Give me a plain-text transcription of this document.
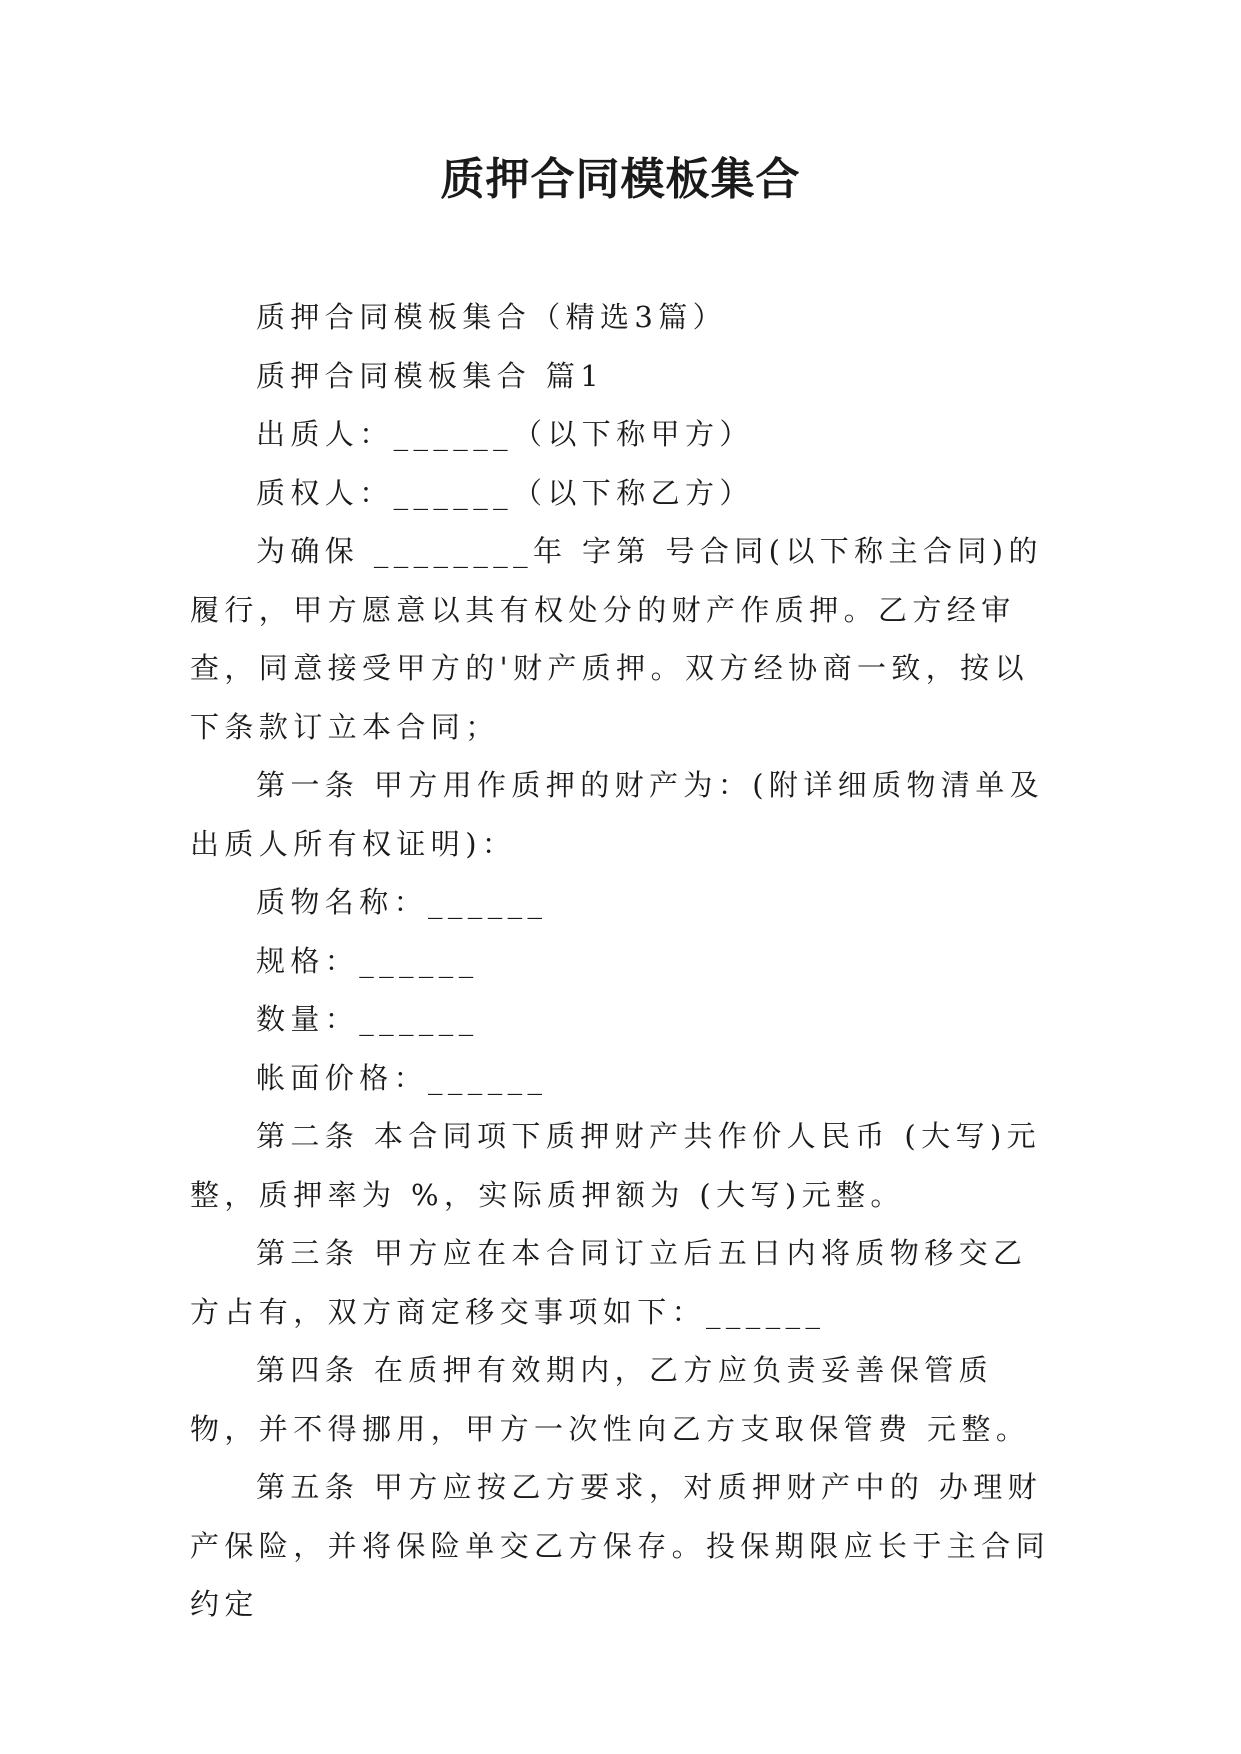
质押合同模板集合

质押合同模板集合（精选3篇）

质押合同模板集合 篇1

出质人：______（以下称甲方）

质权人：______（以下称乙方）

为确保 ________年 字第 号合同(以下称主合同)的履行，甲方愿意以其有权处分的财产作质押。乙方经审查，同意接受甲方的'财产质押。双方经协商一致，按以下条款订立本合同；

第一条 甲方用作质押的财产为：(附详细质物清单及出质人所有权证明)：

质物名称：______

规格：______

数量：______

帐面价格：______

第二条 本合同项下质押财产共作价人民币 (大写)元整，质押率为 %，实际质押额为 (大写)元整。

第三条 甲方应在本合同订立后五日内将质物移交乙方占有，双方商定移交事项如下：______

第四条 在质押有效期内，乙方应负责妥善保管质物，并不得挪用，甲方一次性向乙方支取保管费 元整。

第五条 甲方应按乙方要求，对质押财产中的 办理财产保险，并将保险单交乙方保存。投保期限应长于主合同约定
